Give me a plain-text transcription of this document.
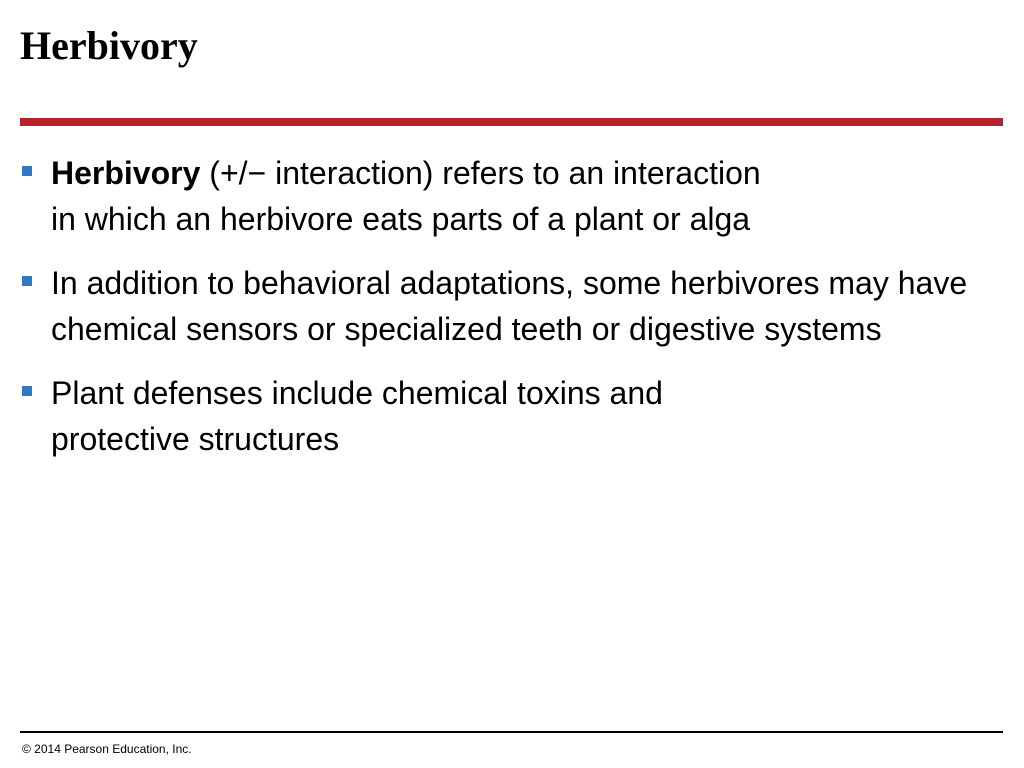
Herbivory
Herbivory (+/− interaction) refers to an interaction
in which an herbivore eats parts of a plant or alga
In addition to behavioral adaptations, some herbivores may have chemical sensors or specialized teeth or digestive systems
Plant defenses include chemical toxins and
protective structures
© 2014 Pearson Education, Inc.
